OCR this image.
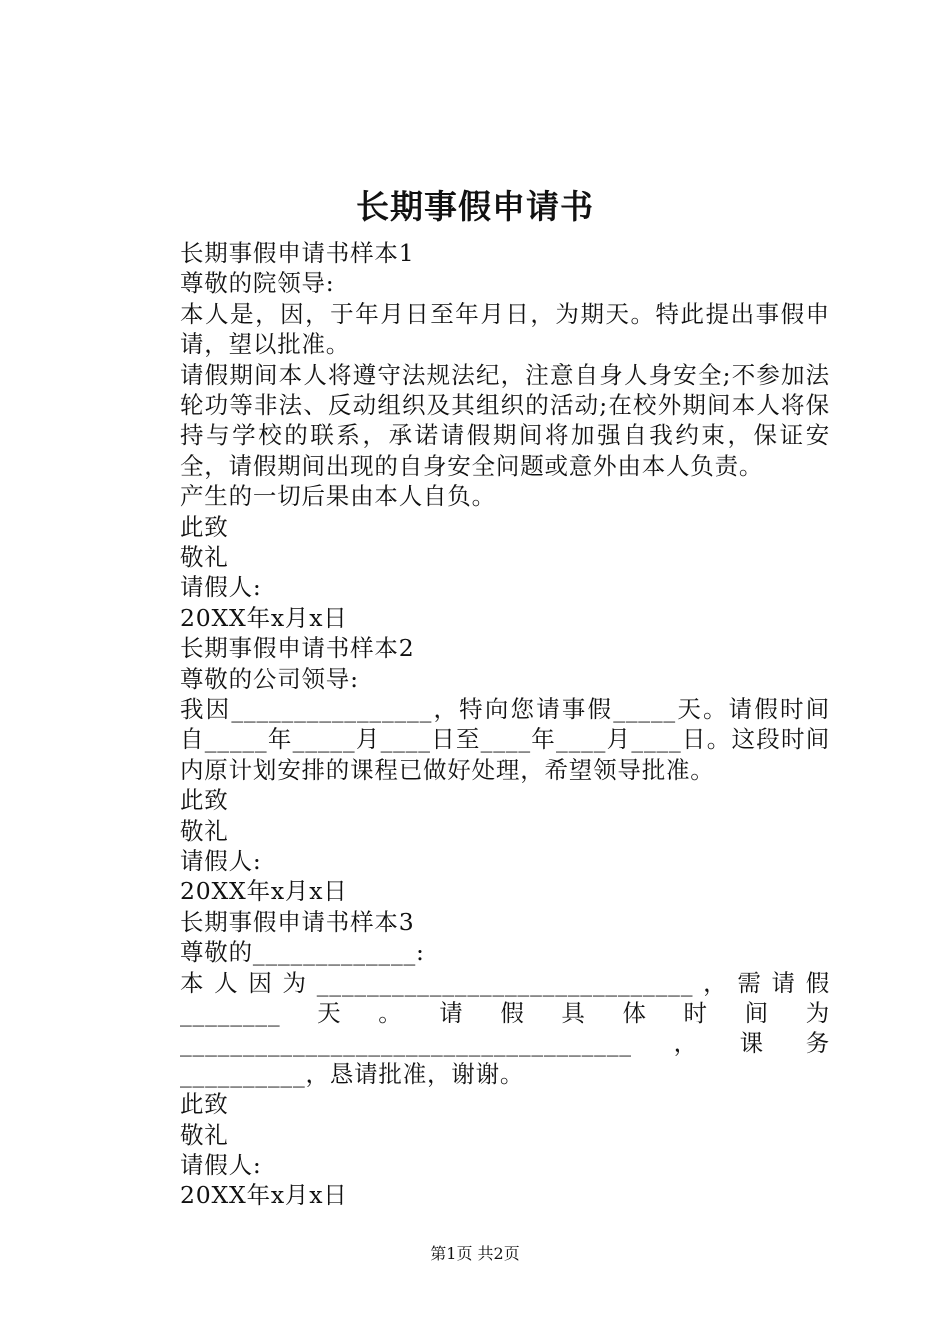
长期事假申请书

长期事假申请书样本1

尊敬的院领导:

本人是，因，于年月日至年月日，为期天。特此提出事假申请，望以批准。

请假期间本人将遵守法规法纪，注意自身人身安全;不参加法轮功等非法、反动组织及其组织的活动;在校外期间本人将保持与学校的联系，承诺请假期间将加强自我约束，保证安全，请假期间出现的自身安全问题或意外由本人负责。

产生的一切后果由本人自负。

此致

敬礼

请假人:

20XX年x月x日

长期事假申请书样本2

尊敬的公司领导:

我因________________，特向您请事假_____天。请假时间自_____年_____月____日至____年____月____日。这段时间内原计划安排的课程已做好处理，希望领导批准。

此致

敬礼

请假人:

20XX年x月x日

长期事假申请书样本3

尊敬的_____________:

本人因为______________________________，需请假________天。请假具体时间为____________________________________，课务__________，恳请批准，谢谢。

此致

敬礼

请假人:

20XX年x月x日

第1页 共2页
